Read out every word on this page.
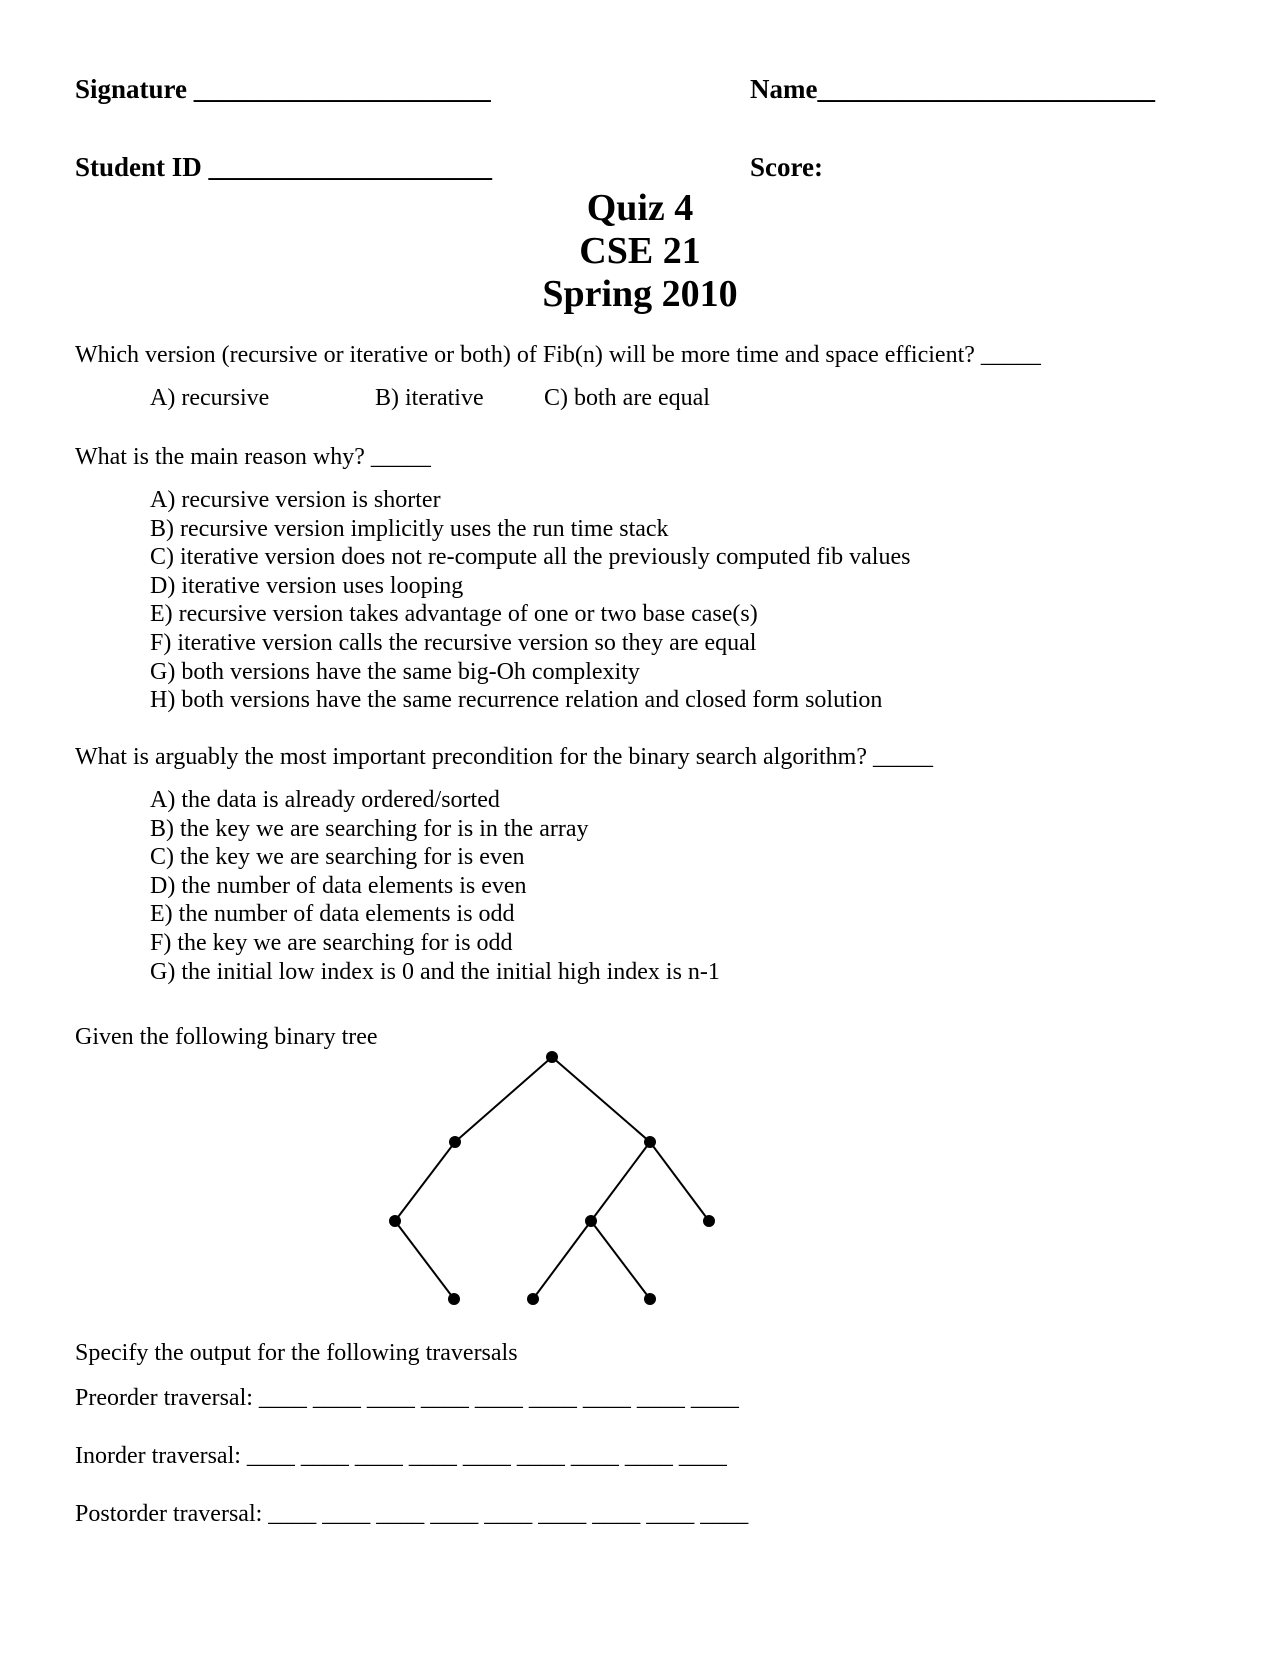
Signature ______________________	Name_________________________
Student ID _____________________	Score:
Quiz 4
CSE 21
Spring 2010
Which version (recursive or iterative or both) of Fib(n) will be more time and space efficient? _____
A) recursive	B) iterative	C) both are equal
What is the main reason why? _____
A) recursive version is shorter
B) recursive version implicitly uses the run time stack
C) iterative version does not re-compute all the previously computed fib values
D) iterative version uses looping
E) recursive version takes advantage of one or two base case(s)
F) iterative version calls the recursive version so they are equal
G) both versions have the same big-Oh complexity
H) both versions have the same recurrence relation and closed form solution
What is arguably the most important precondition for the binary search algorithm? _____
A) the data is already ordered/sorted
B) the key we are searching for is in the array
C) the key we are searching for is even
D) the number of data elements is even
E) the number of data elements is odd
F) the key we are searching for is odd
G) the initial low index is 0 and the initial high index is n-1
Given the following binary tree
Specify the output for the following traversals
Preorder traversal: ____ ____ ____ ____ ____ ____ ____ ____ ____
Inorder traversal: ____ ____ ____ ____ ____ ____ ____ ____ ____
Postorder traversal: ____ ____ ____ ____ ____ ____ ____ ____ ____
